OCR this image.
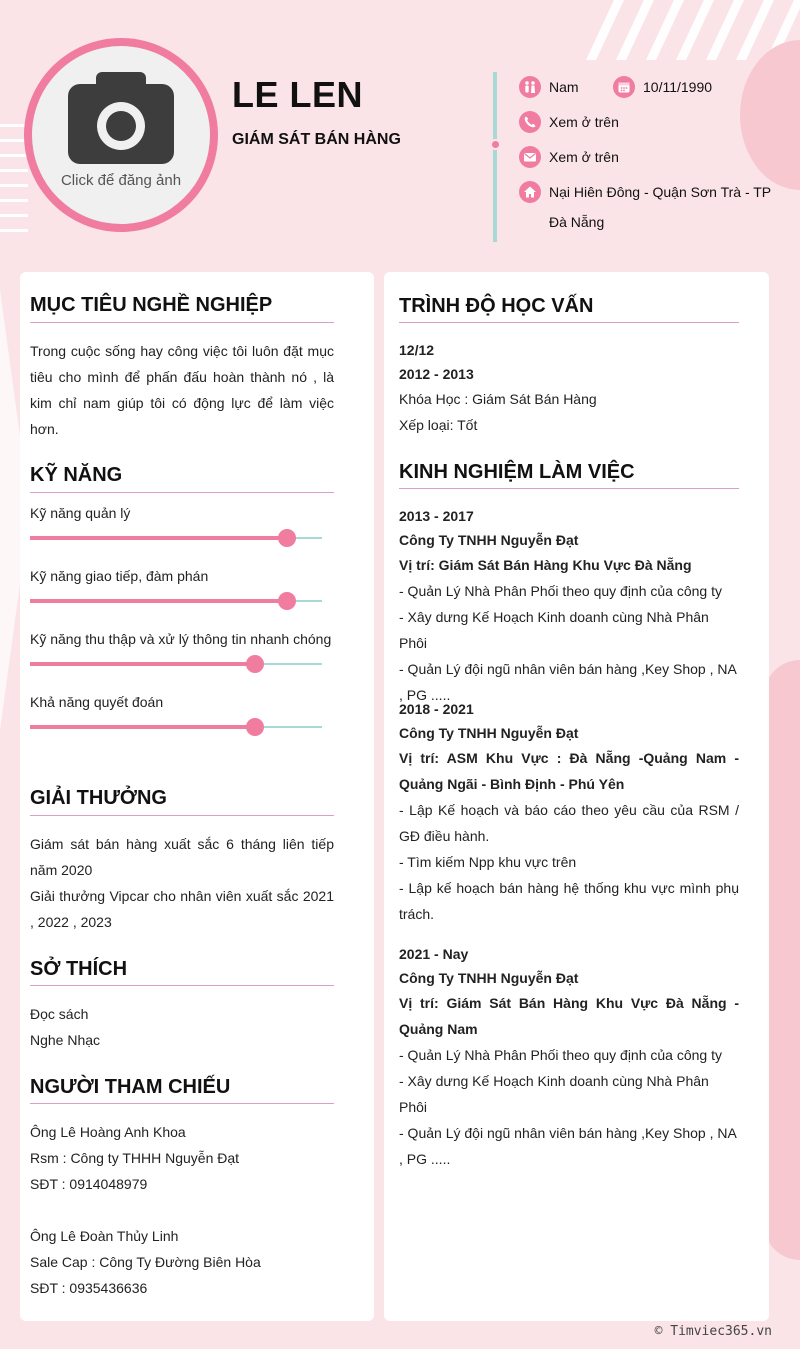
Click để đăng ảnh
LE LEN
GIÁM SÁT BÁN HÀNG
Nam	10/11/1990
Xem ở trên
Xem ở trên
Nại Hiên Đông - Quận Sơn Trà - TP Đà Nẵng
MỤC TIÊU NGHỀ NGHIỆP
Trong cuộc sống hay công việc tôi luôn đặt mục tiêu cho mình để phấn đấu hoàn thành nó , là kim chỉ nam giúp tôi có động lực để làm việc hơn.
KỸ NĂNG
Kỹ năng quản lý
Kỹ năng giao tiếp, đàm phán
Kỹ năng thu thập và xử lý thông tin nhanh chóng
Khả năng quyết đoán
GIẢI THƯỞNG
Giám sát bán hàng xuất sắc 6 tháng liên tiếp năm 2020
Giải thưởng Vipcar cho nhân viên xuất sắc 2021 , 2022 , 2023
SỞ THÍCH
Đọc sách
Nghe Nhạc
NGƯỜI THAM CHIẾU
Ông Lê Hoàng Anh Khoa
Rsm : Công ty THHH Nguyễn Đạt
SĐT : 0914048979
Ông Lê Đoàn Thủy Linh
Sale Cap : Công Ty Đường Biên Hòa
SĐT : 0935436636
TRÌNH ĐỘ HỌC VẤN
12/12
2012 - 2013
Khóa Học : Giám Sát Bán Hàng
Xếp loại: Tốt
KINH NGHIỆM LÀM VIỆC
2013 - 2017
Công Ty TNHH Nguyễn Đạt
Vị trí: Giám Sát Bán Hàng Khu Vực Đà Nẵng
- Quản Lý Nhà Phân Phối theo quy định của công ty
- Xây dưng Kế Hoạch Kinh doanh cùng Nhà Phân Phôi
- Quản Lý đội ngũ nhân viên bán hàng ,Key Shop , NA , PG .....
2018 - 2021
Công Ty TNHH Nguyễn Đạt
Vị trí: ASM Khu Vực : Đà Nẵng -Quảng Nam - Quảng Ngãi - Bình Định - Phú Yên
- Lập Kế hoạch và báo cáo theo yêu cầu của RSM / GĐ điều hành.
- Tìm kiếm Npp khu vực trên
- Lập kế hoạch bán hàng hệ thống khu vực mình phụ trách.
2021 - Nay
Công Ty TNHH Nguyễn Đạt
Vị trí: Giám Sát Bán Hàng Khu Vực Đà Nẵng - Quảng Nam
- Quản Lý Nhà Phân Phối theo quy định của công ty
- Xây dưng Kế Hoạch Kinh doanh cùng Nhà Phân Phôi
- Quản Lý đội ngũ nhân viên bán hàng ,Key Shop , NA , PG .....
© Timviec365.vn
